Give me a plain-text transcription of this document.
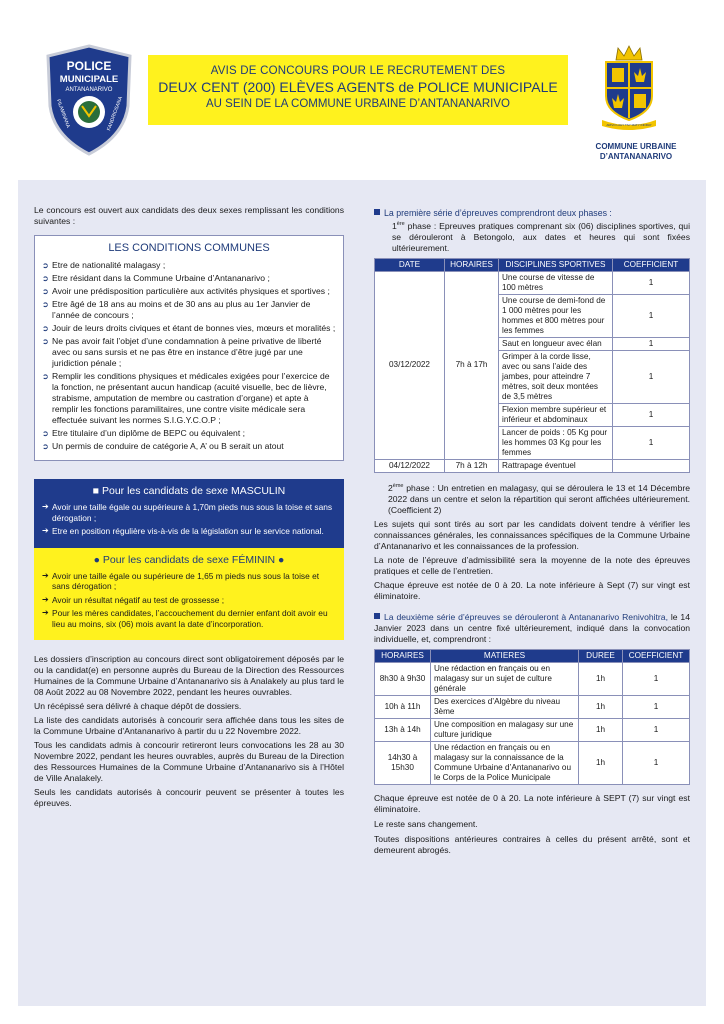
POLICE
MUNICIPALE
ANTANANARIVO
FILAMINANA	FANDRIOSANA
AVIS DE CONCOURS POUR LE RECRUTEMENT DES
DEUX CENT (200) ELÈVES AGENTS de POLICE MUNICIPALE
AU SEIN DE LA COMMUNE URBAINE D’ANTANANARIVO
ARIVO LAHY TSY MATY INDRAY
COMMUNE URBAINE
D’ANTANANARIVO

Le concours est ouvert aux candidats des deux sexes remplissant les conditions suivantes :

LES CONDITIONS COMMUNES
➲ Etre de nationalité malagasy ;
➲ Etre résidant dans la Commune Urbaine d’Antananarivo ;
➲ Avoir une prédisposition particulière aux activités physiques et sportives ;
➲ Etre âgé de 18 ans au moins et de 30 ans au plus au 1er Janvier de l’année de concours ;
➲ Jouir de leurs droits civiques et étant de bonnes vies, mœurs et moralités ;
➲ Ne pas avoir fait l’objet d’une condamnation à peine privative de liberté avec ou sans sursis et ne pas être en instance d’être jugé par une juridiction pénale ;
➲ Remplir les conditions physiques et médicales exigées pour l’exercice de la fonction, ne présentant aucun handicap (acuité visuelle, bec de lièvre, strabisme, amputation de membre ou castration d’organe) et apte à remplir les fonctions paramilitaires, une contre visite médicale sera effectuée suivant les normes S.I.G.Y.C.O.P ;
➲ Etre titulaire d’un diplôme de BEPC ou équivalent ;
➲ Un permis de conduire de catégorie A, A’ ou B serait un atout
■ Pour les candidats de sexe MASCULIN
➔ Avoir une taille égale ou supérieure à 1,70m pieds nus sous la toise et sans dérogation ;
➔ Etre en position régulière vis-à-vis de la législation sur le service national.
● Pour les candidats de sexe FÉMININ ●
➔ Avoir une taille égale ou supérieure de 1,65 m pieds nus sous la toise et sans dérogation ;
➔ Avoir un résultat négatif au test de grossesse ;
➔ Pour les mères candidates, l’accouchement du dernier enfant doit avoir eu lieu au moins, six (06) mois avant la date d’incorporation.

Les dossiers d’inscription au concours direct sont obligatoirement déposés par le ou la candidat(e) en personne auprès du Bureau de la Direction des Ressources Humaines de la Commune Urbaine d’Antananarivo sis à Analakely au plus tard le 08 Août 2022 au 08 Novembre 2022, pendant les heures ouvrables.

Un récépissé sera délivré à chaque dépôt de dossiers.

La liste des candidats autorisés à concourir sera affichée dans tous les sites de la Commune Urbaine d’Antananarivo à partir du u 22 Novembre 2022.

Tous les candidats admis à concourir retireront leurs convocations les 28 au 30 Novembre 2022, pendant les heures ouvrables, auprès du Bureau de la Direction des Ressources Humaines de la Commune Urbaine d’Antananarivo sis à l’Hôtel de Ville Analakely.

Seuls les candidats autorisés à concourir peuvent se présenter à toutes les épreuves.

La première série d’épreuves comprendront deux phases :

1ère phase : Epreuves pratiques comprenant six (06) disciplines sportives, qui se dérouleront à Betongolo, aux dates et heures qui sont fixées ultérieurement.

DATE	HORAIRES	DISCIPLINES SPORTIVES	COEFFICIENT
03/12/2022	7h à 17h	Une course de vitesse de 100 mètres	1
		Une course de demi-fond de 1 000 mètres pour les hommes et 800 mètres pour les femmes	1
		Saut en longueur avec élan	1
		Grimper à la corde lisse, avec ou sans l’aide des jambes, pour atteindre 7 mètres, soit deux montées de 3,5 mètres	1
		Flexion membre supérieur et inférieur et abdominaux	1
		Lancer de poids : 05 Kg pour les hommes 03 Kg pour les femmes	1
04/12/2022	7h à 12h	Rattrapage éventuel	

2ème phase : Un entretien en malagasy, qui se déroulera le 13 et 14 Décembre 2022 dans un centre et selon la répartition qui seront affichées ultérieurement. (Coefficient 2)

Les sujets qui sont tirés au sort par les candidats doivent tendre à vérifier les connaissances générales, les connaissances spécifiques de la Commune Urbaine d’Antananarivo et les connaissances de la profession.

La note de l’épreuve d’admissibilité sera la moyenne de la note des épreuves pratiques et celle de l’entretien.

Chaque épreuve est notée de 0 à 20. La note inférieure à Sept (7) sur vingt est éliminatoire.

La deuxième série d’épreuves se dérouleront à Antananarivo Renivohitra, le 14 Janvier 2023 dans un centre fixé ultérieurement, indiqué dans la convocation individuelle, et, comprendront :

HORAIRES	MATIERES	DUREE	COEFFICIENT
8h30 à 9h30	Une rédaction en français ou en malagasy sur un sujet de culture générale	1h	1
10h à 11h	Des exercices d’Algèbre du niveau 3ème	1h	1
13h à 14h	Une composition en malagasy sur une culture juridique	1h	1
14h30 à 15h30	Une rédaction en français ou en malagasy sur la connaissance de la Commune Urbaine d’Antananarivo ou le Corps de la Police Municipale	1h	1

Chaque épreuve est notée de 0 à 20. La note inférieure à SEPT (7) sur vingt est éliminatoire.

Le reste sans changement.

Toutes dispositions antérieures contraires à celles du présent arrêté, sont et demeurent abrogés.
